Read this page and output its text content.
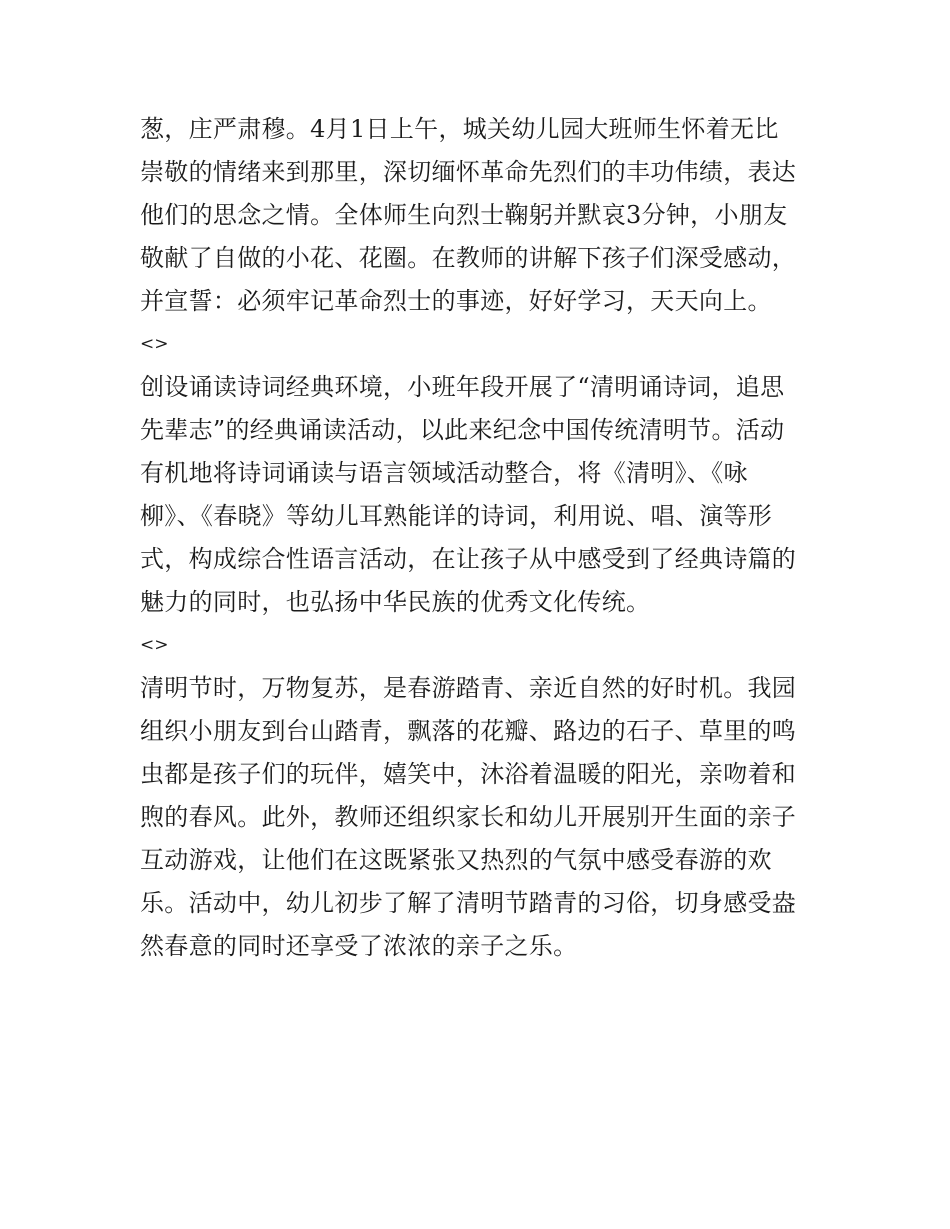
葱，庄严肃穆。4月1日上午，城关幼儿园大班师生怀着无比
崇敬的情绪来到那里，深切缅怀革命先烈们的丰功伟绩，表达
他们的思念之情。全体师生向烈士鞠躬并默哀3分钟，小朋友
敬献了自做的小花、花圈。在教师的讲解下孩子们深受感动，
并宣誓：必须牢记革命烈士的事迹，好好学习，天天向上。
<>
创设诵读诗词经典环境，小班年段开展了“清明诵诗词，追思
先辈志”的经典诵读活动，以此来纪念中国传统清明节。活动
有机地将诗词诵读与语言领域活动整合，将《清明》、《咏
柳》、《春晓》等幼儿耳熟能详的诗词，利用说、唱、演等形
式，构成综合性语言活动，在让孩子从中感受到了经典诗篇的
魅力的同时，也弘扬中华民族的优秀文化传统。
<>
清明节时，万物复苏，是春游踏青、亲近自然的好时机。我园
组织小朋友到台山踏青，飘落的花瓣、路边的石子、草里的鸣
虫都是孩子们的玩伴，嬉笑中，沐浴着温暖的阳光，亲吻着和
煦的春风。此外，教师还组织家长和幼儿开展别开生面的亲子
互动游戏，让他们在这既紧张又热烈的气氛中感受春游的欢
乐。活动中，幼儿初步了解了清明节踏青的习俗，切身感受盎
然春意的同时还享受了浓浓的亲子之乐。
